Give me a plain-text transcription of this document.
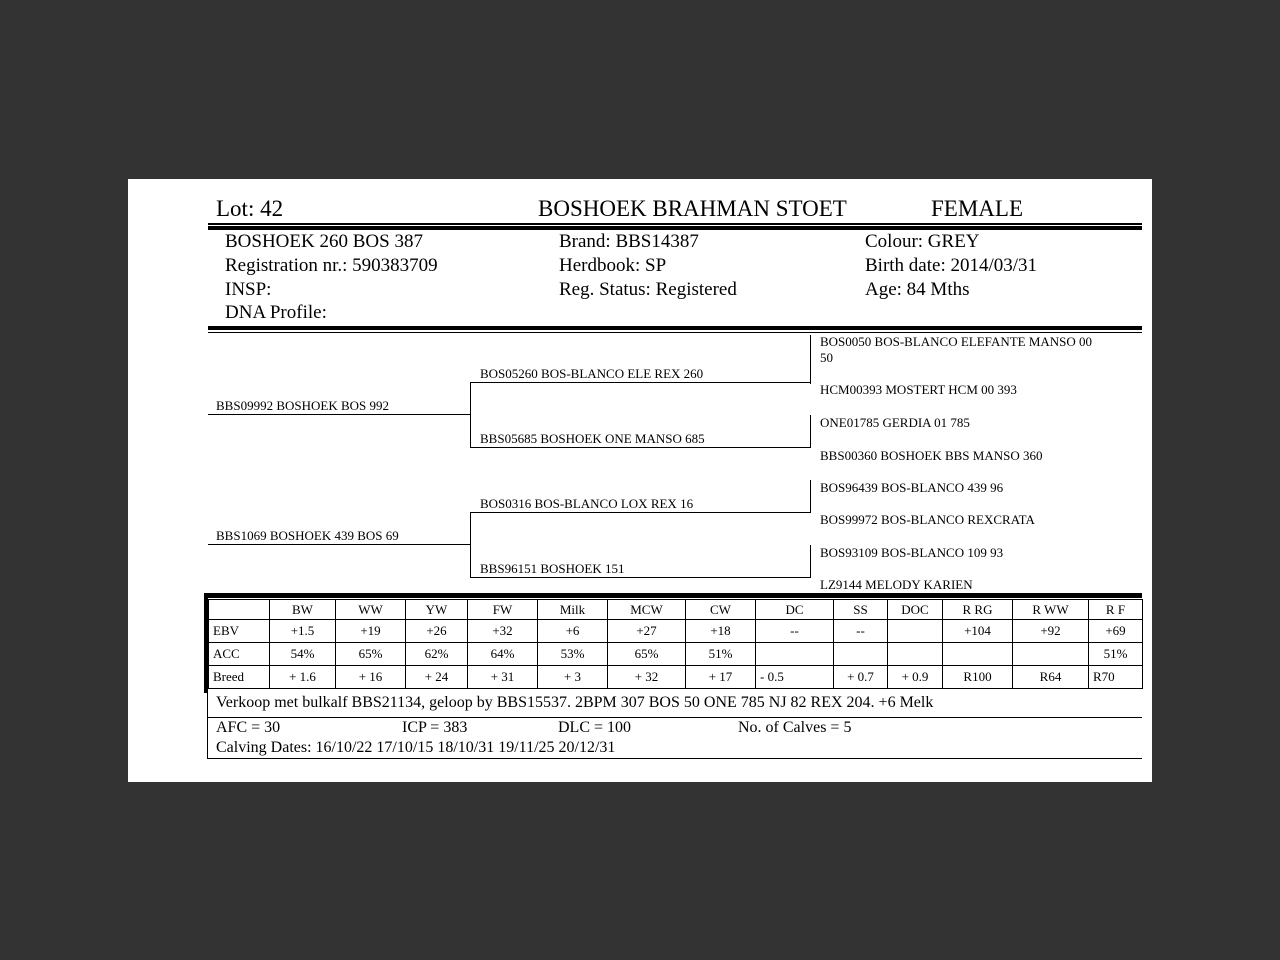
Lot: 42	BOSHOEK BRAHMAN STOET	FEMALE
BOSHOEK 260 BOS 387
Registration nr.: 590383709
INSP:
DNA Profile:
Brand: BBS14387
Herdbook: SP
Reg. Status: Registered
Colour: GREY
Birth date: 2014/03/31
Age: 84 Mths
BBS09992 BOSHOEK BOS 992
BBS1069 BOSHOEK 439 BOS 69
BOS05260 BOS-BLANCO ELE REX 260
BBS05685 BOSHOEK ONE MANSO 685
BOS0316 BOS-BLANCO LOX REX 16
BBS96151 BOSHOEK 151
BOS0050 BOS-BLANCO ELEFANTE MANSO 00
50
HCM00393 MOSTERT HCM 00 393
ONE01785 GERDIA 01 785
BBS00360 BOSHOEK BBS MANSO 360
BOS96439 BOS-BLANCO 439 96
BOS99972 BOS-BLANCO REXCRATA
BOS93109 BOS-BLANCO 109 93
LZ9144 MELODY KARIEN
	BW	WW	YW	FW	Milk	MCW	CW	DC	SS	DOC	R RG	R WW	R F
EBV	+1.5	+19	+26	+32	+6	+27	+18	--	--		+104	+92	+69
ACC	54%	65%	62%	64%	53%	65%	51%						51%
Breed	+ 1.6	+ 16	+ 24	+ 31	+ 3	+ 32	+ 17	- 0.5	+ 0.7	+ 0.9	R100	R64	R70
Verkoop met bulkalf BBS21134, geloop by BBS15537. 2BPM 307 BOS 50 ONE 785 NJ 82 REX 204. +6 Melk
AFC = 30	ICP = 383	DLC = 100	No. of Calves = 5
Calving Dates: 16/10/22 17/10/15 18/10/31 19/11/25 20/12/31
